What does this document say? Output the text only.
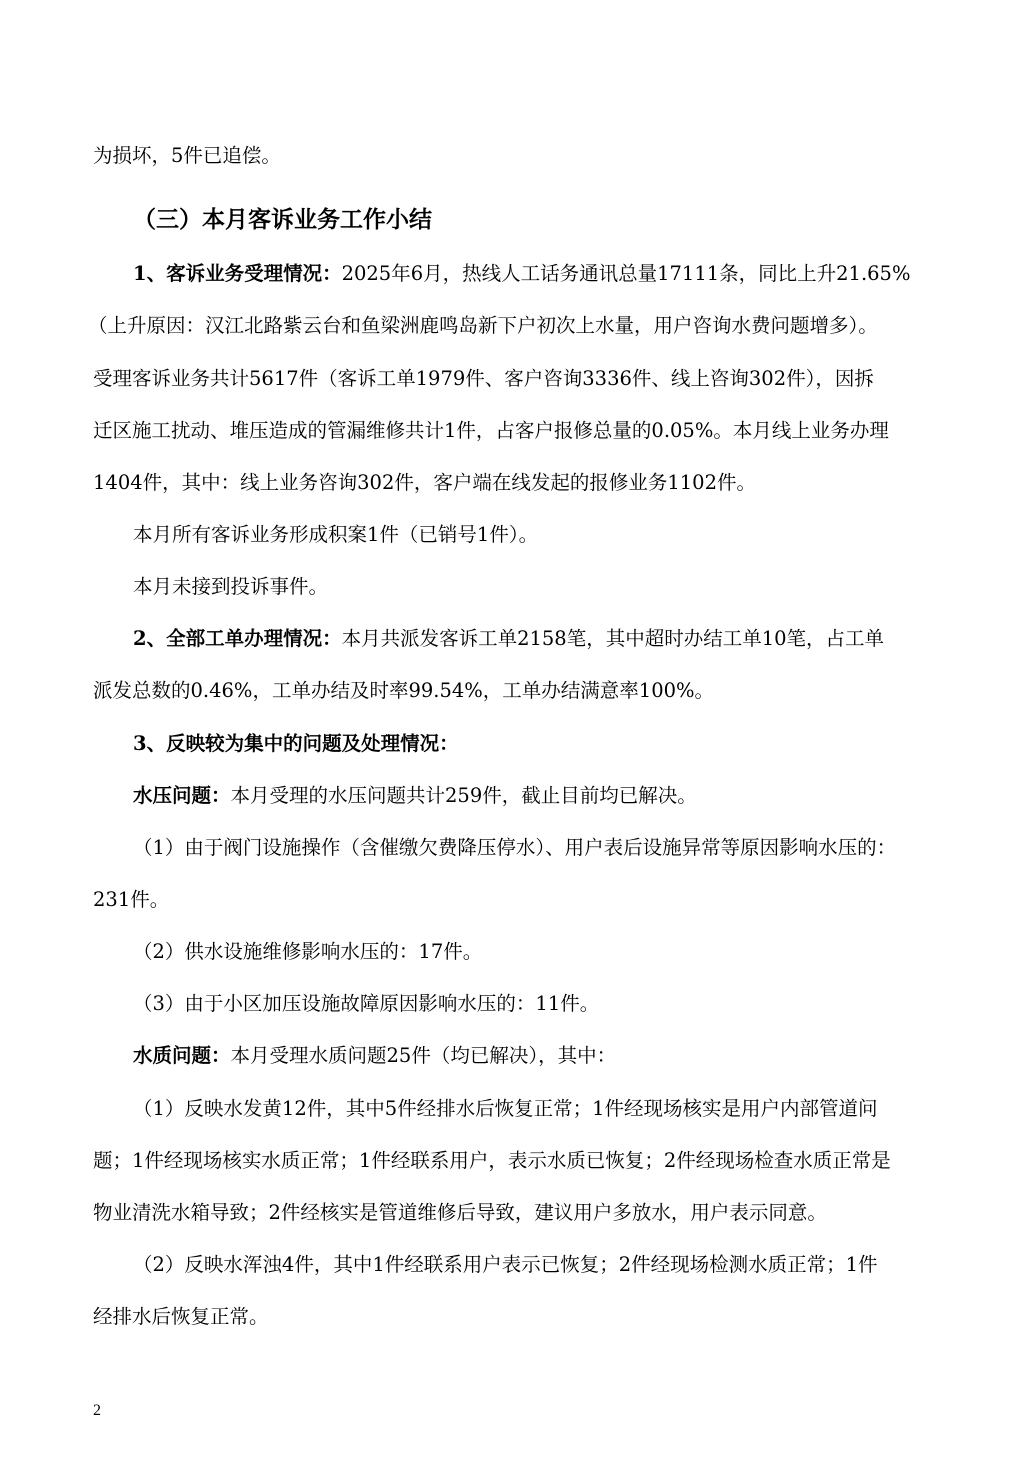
为损坏，5件已追偿。
（三）本月客诉业务工作小结
1、客诉业务受理情况：2025年6月，热线人工话务通讯总量17111条，同比上升21.65%
（上升原因：汉江北路紫云台和鱼梁洲鹿鸣岛新下户初次上水量，用户咨询水费问题增多）。
受理客诉业务共计5617件（客诉工单1979件、客户咨询3336件、线上咨询302件），因拆
迁区施工扰动、堆压造成的管漏维修共计1件，占客户报修总量的0.05%。本月线上业务办理
1404件，其中：线上业务咨询302件，客户端在线发起的报修业务1102件。
本月所有客诉业务形成积案1件（已销号1件）。
本月未接到投诉事件。
2、全部工单办理情况：本月共派发客诉工单2158笔，其中超时办结工单10笔，占工单
派发总数的0.46%，工单办结及时率99.54%，工单办结满意率100%。
3、反映较为集中的问题及处理情况：
水压问题：本月受理的水压问题共计259件，截止目前均已解决。
（1）由于阀门设施操作（含催缴欠费降压停水）、用户表后设施异常等原因影响水压的：
231件。
（2）供水设施维修影响水压的：17件。
（3）由于小区加压设施故障原因影响水压的：11件。
水质问题：本月受理水质问题25件（均已解决），其中：
（1）反映水发黄12件，其中5件经排水后恢复正常；1件经现场核实是用户内部管道问
题；1件经现场核实水质正常；1件经联系用户，表示水质已恢复；2件经现场检查水质正常是
物业清洗水箱导致；2件经核实是管道维修后导致，建议用户多放水，用户表示同意。
（2）反映水浑浊4件，其中1件经联系用户表示已恢复；2件经现场检测水质正常；1件
经排水后恢复正常。
2
